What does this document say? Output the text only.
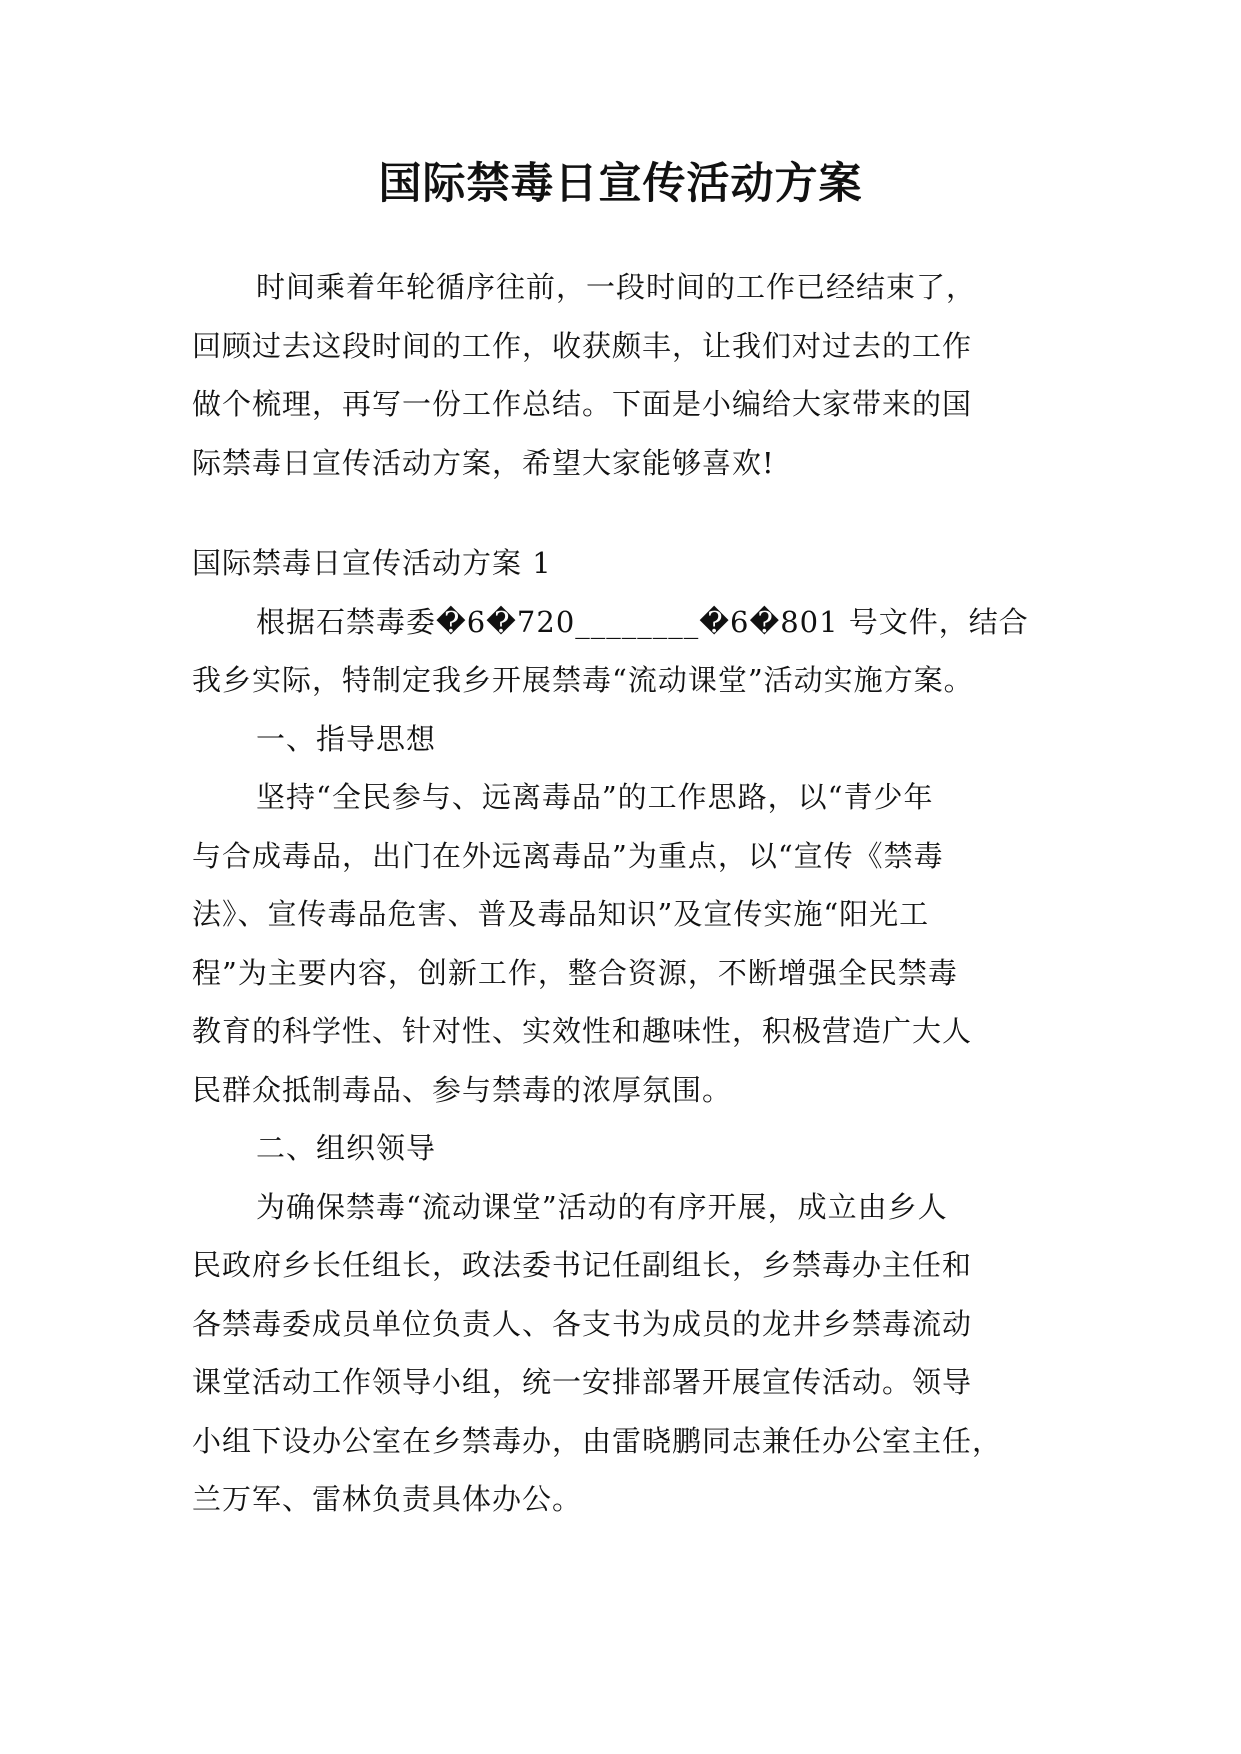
国际禁毒日宣传活动方案
时间乘着年轮循序往前，一段时间的工作已经结束了，
回顾过去这段时间的工作，收获颇丰，让我们对过去的工作
做个梳理，再写一份工作总结。下面是小编给大家带来的国
际禁毒日宣传活动方案，希望大家能够喜欢!
国际禁毒日宣传活动方案 1
根据石禁毒委�6�720________�6�801 号文件，结合
我乡实际，特制定我乡开展禁毒“流动课堂”活动实施方案。
一、指导思想
坚持“全民参与、远离毒品”的工作思路，以“青少年
与合成毒品，出门在外远离毒品”为重点，以“宣传《禁毒
法》、宣传毒品危害、普及毒品知识”及宣传实施“阳光工
程”为主要内容，创新工作，整合资源，不断增强全民禁毒
教育的科学性、针对性、实效性和趣味性，积极营造广大人
民群众抵制毒品、参与禁毒的浓厚氛围。
二、组织领导
为确保禁毒“流动课堂”活动的有序开展，成立由乡人
民政府乡长任组长，政法委书记任副组长，乡禁毒办主任和
各禁毒委成员单位负责人、各支书为成员的龙井乡禁毒流动
课堂活动工作领导小组，统一安排部署开展宣传活动。领导
小组下设办公室在乡禁毒办，由雷晓鹏同志兼任办公室主任，
兰万军、雷林负责具体办公。
